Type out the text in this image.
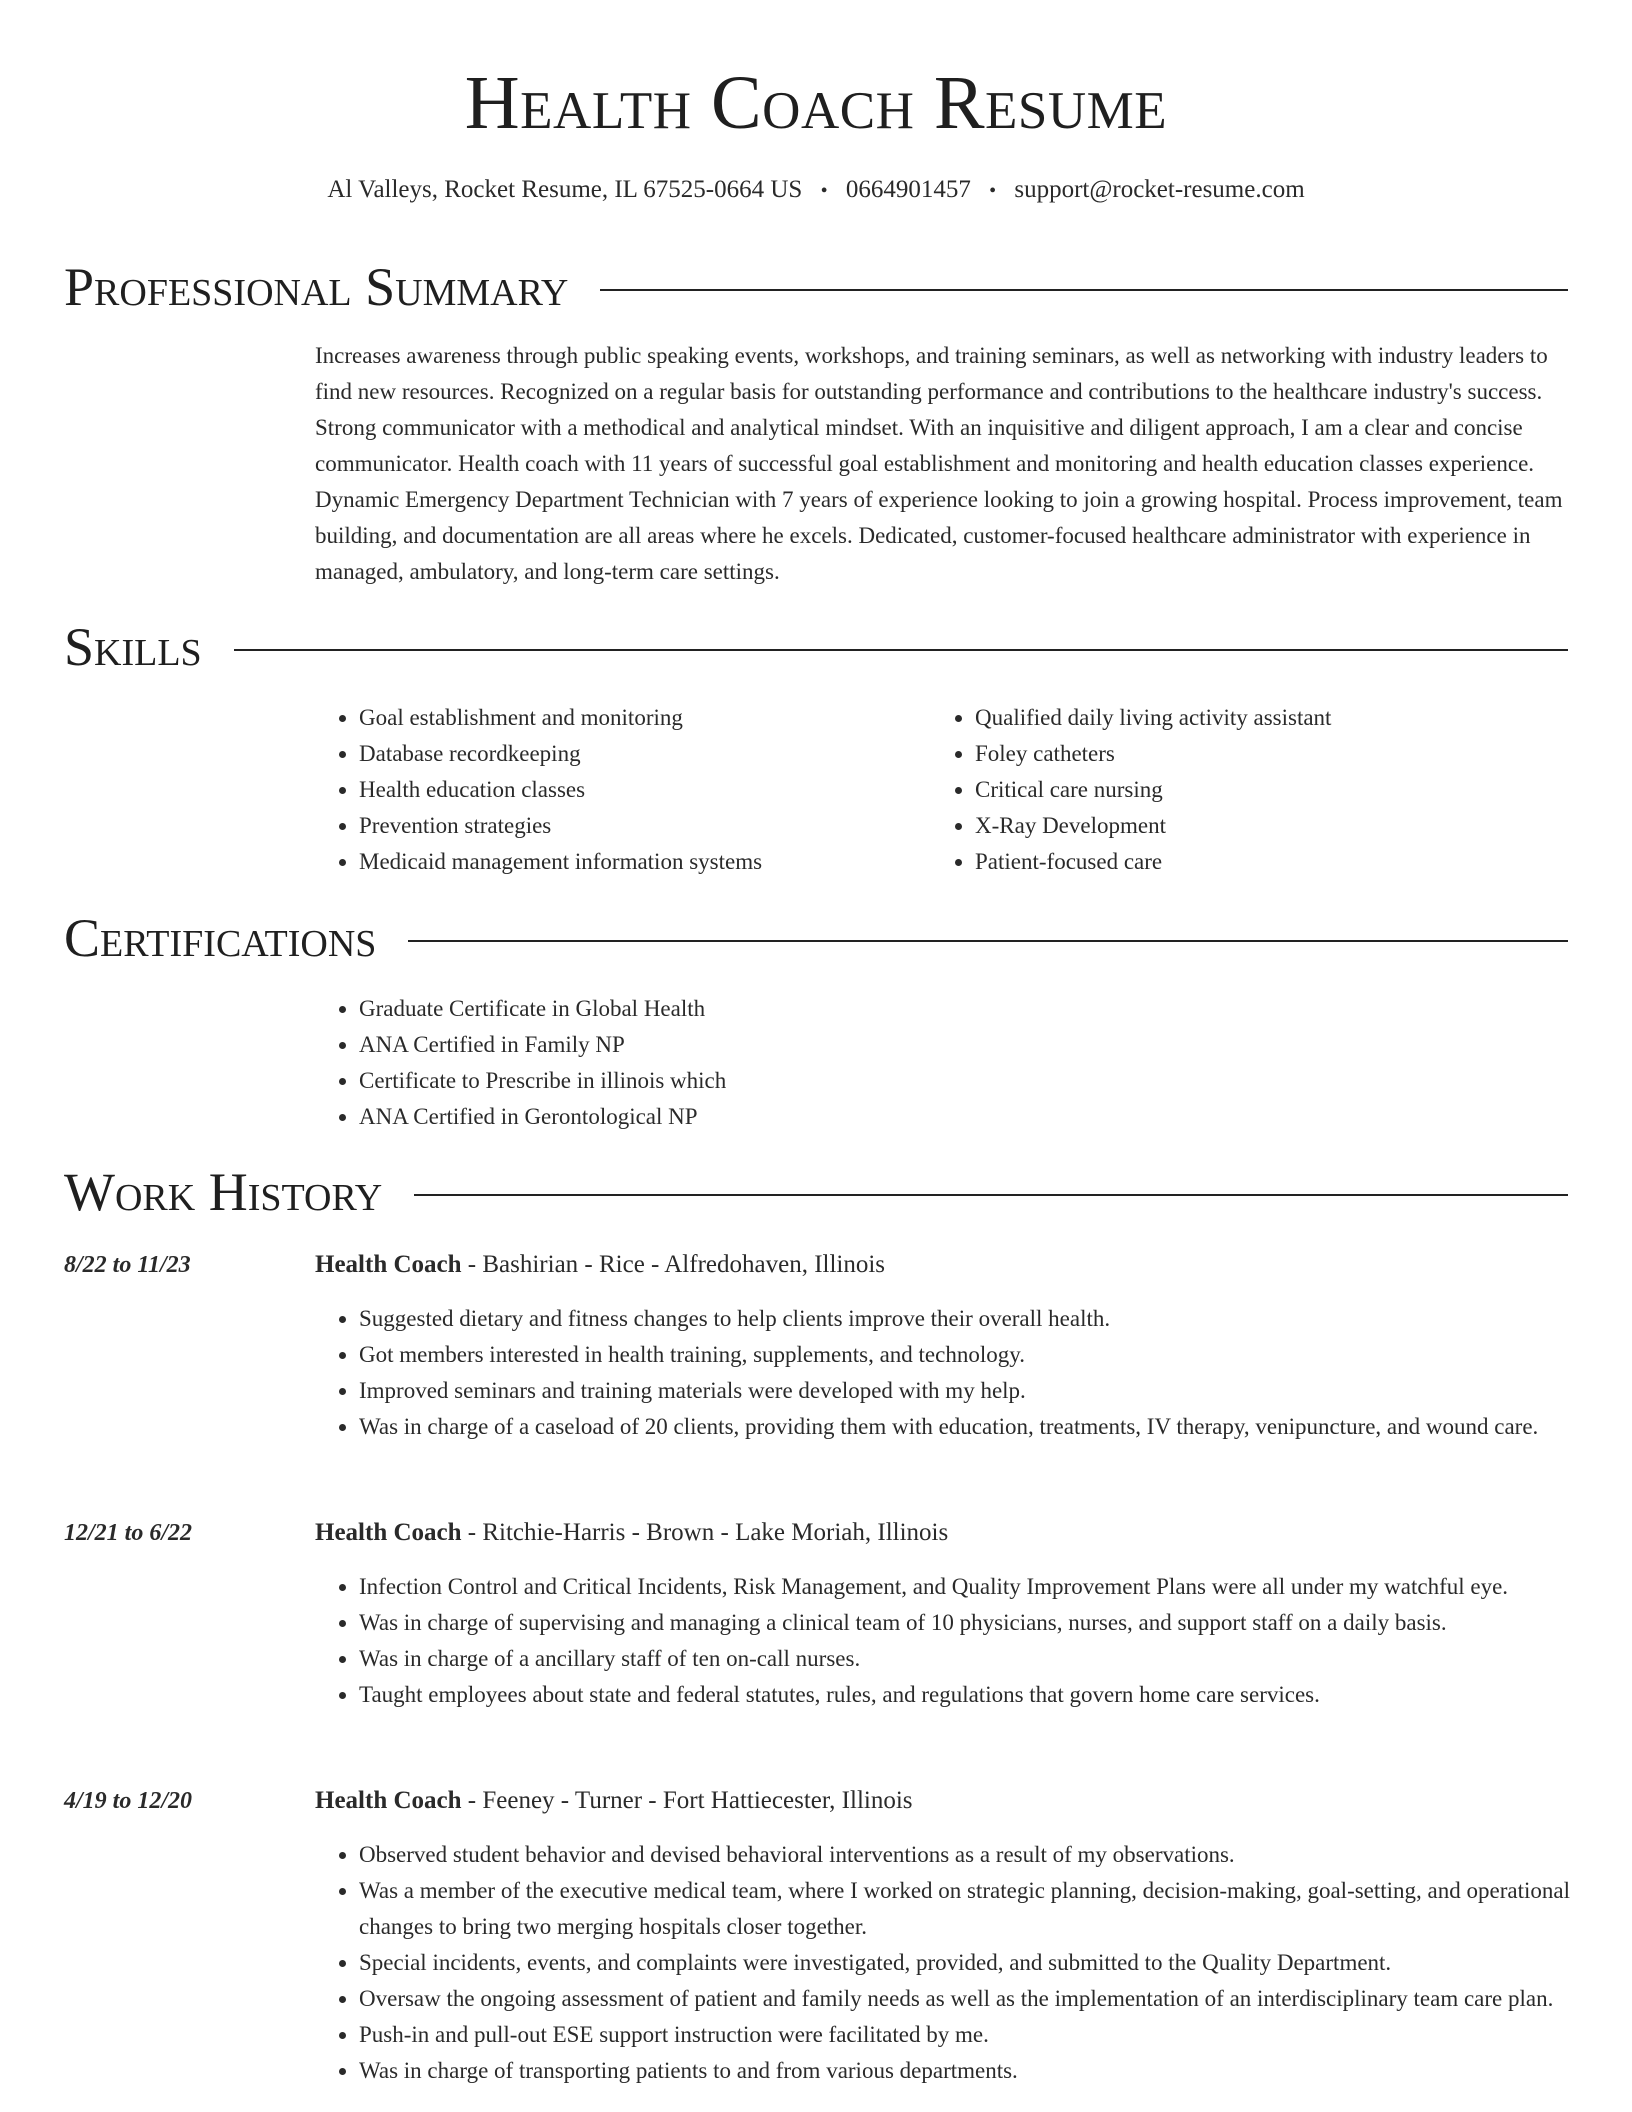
Health Coach Resume
Al Valleys, Rocket Resume, IL 67525-0664 US • 0664901457 • support@rocket-resume.com
Professional Summary

Increases awareness through public speaking events, workshops, and training seminars, as well as networking with industry leaders to find new resources. Recognized on a regular basis for outstanding performance and contributions to the healthcare industry's success. Strong communicator with a methodical and analytical mindset. With an inquisitive and diligent approach, I am a clear and concise communicator. Health coach with 11 years of successful goal establishment and monitoring and health education classes experience. Dynamic Emergency Department Technician with 7 years of experience looking to join a growing hospital. Process improvement, team building, and documentation are all areas where he excels. Dedicated, customer-focused healthcare administrator with experience in managed, ambulatory, and long-term care settings.

Skills
• Goal establishment and monitoring
• Database recordkeeping
• Health education classes
• Prevention strategies
• Medicaid management information systems
• Qualified daily living activity assistant
• Foley catheters
• Critical care nursing
• X-Ray Development
• Patient-focused care
Certifications
• Graduate Certificate in Global Health
• ANA Certified in Family NP
• Certificate to Prescribe in illinois which
• ANA Certified in Gerontological NP
Work History
8/22 to 11/23	Health Coach - Bashirian - Rice - Alfredohaven, Illinois
• Suggested dietary and fitness changes to help clients improve their overall health.
• Got members interested in health training, supplements, and technology.
• Improved seminars and training materials were developed with my help.
• Was in charge of a caseload of 20 clients, providing them with education, treatments, IV therapy, venipuncture, and wound care.
12/21 to 6/22	Health Coach - Ritchie-Harris - Brown - Lake Moriah, Illinois
• Infection Control and Critical Incidents, Risk Management, and Quality Improvement Plans were all under my watchful eye.
• Was in charge of supervising and managing a clinical team of 10 physicians, nurses, and support staff on a daily basis.
• Was in charge of a ancillary staff of ten on-call nurses.
• Taught employees about state and federal statutes, rules, and regulations that govern home care services.
4/19 to 12/20	Health Coach - Feeney - Turner - Fort Hattiecester, Illinois
• Observed student behavior and devised behavioral interventions as a result of my observations.
• Was a member of the executive medical team, where I worked on strategic planning, decision-making, goal-setting, and operational changes to bring two merging hospitals closer together.
• Special incidents, events, and complaints were investigated, provided, and submitted to the Quality Department.
• Oversaw the ongoing assessment of patient and family needs as well as the implementation of an interdisciplinary team care plan.
• Push-in and pull-out ESE support instruction were facilitated by me.
• Was in charge of transporting patients to and from various departments.
